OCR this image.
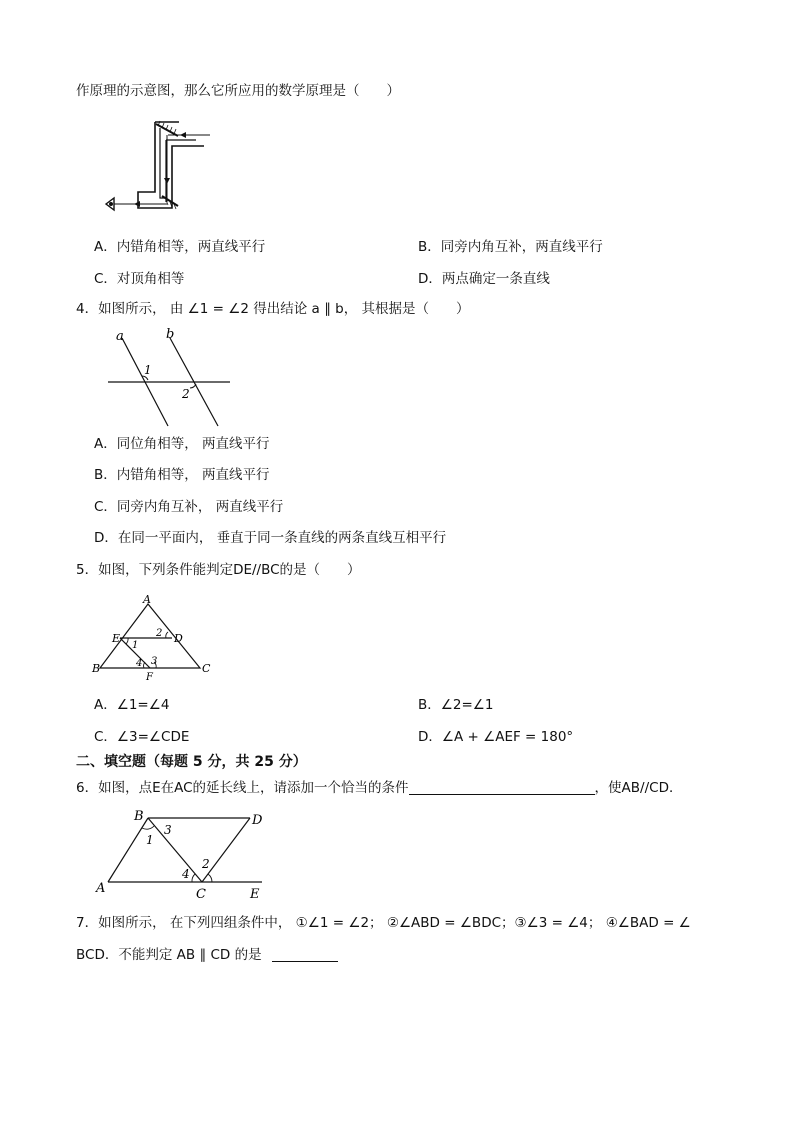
作原理的示意图，那么它所应用的数学原理是（　　）
A．内错角相等，两直线平行	B．同旁内角互补，两直线平行
C．对顶角相等	D．两点确定一条直线
4．如图所示， 由 ∠1 = ∠2 得出结论 a ∥ b， 其根据是（　　）
a	b
1
2
A．同位角相等， 两直线平行
B．内错角相等， 两直线平行
C．同旁内角互补， 两直线平行
D．在同一平面内， 垂直于同一条直线的两条直线互相平行
5．如图，下列条件能判定DE//BC的是（　　）
A
E	D
B	C
F
1
2
4 3
A．∠1=∠4	B．∠2=∠1
C．∠3=∠CDE	D．∠A + ∠AEF = 180°
二、填空题（每题 5 分，共 25 分）
6．如图，点E在AC的延长线上，请添加一个恰当的条件	，使AB//CD．
B	D
A	C	E
3
1
2
4
7．如图所示， 在下列四组条件中， ①∠1 = ∠2； ②∠ABD = ∠BDC；③∠3 = ∠4； ④∠BAD = ∠
BCD．不能判定 AB ∥ CD 的是
